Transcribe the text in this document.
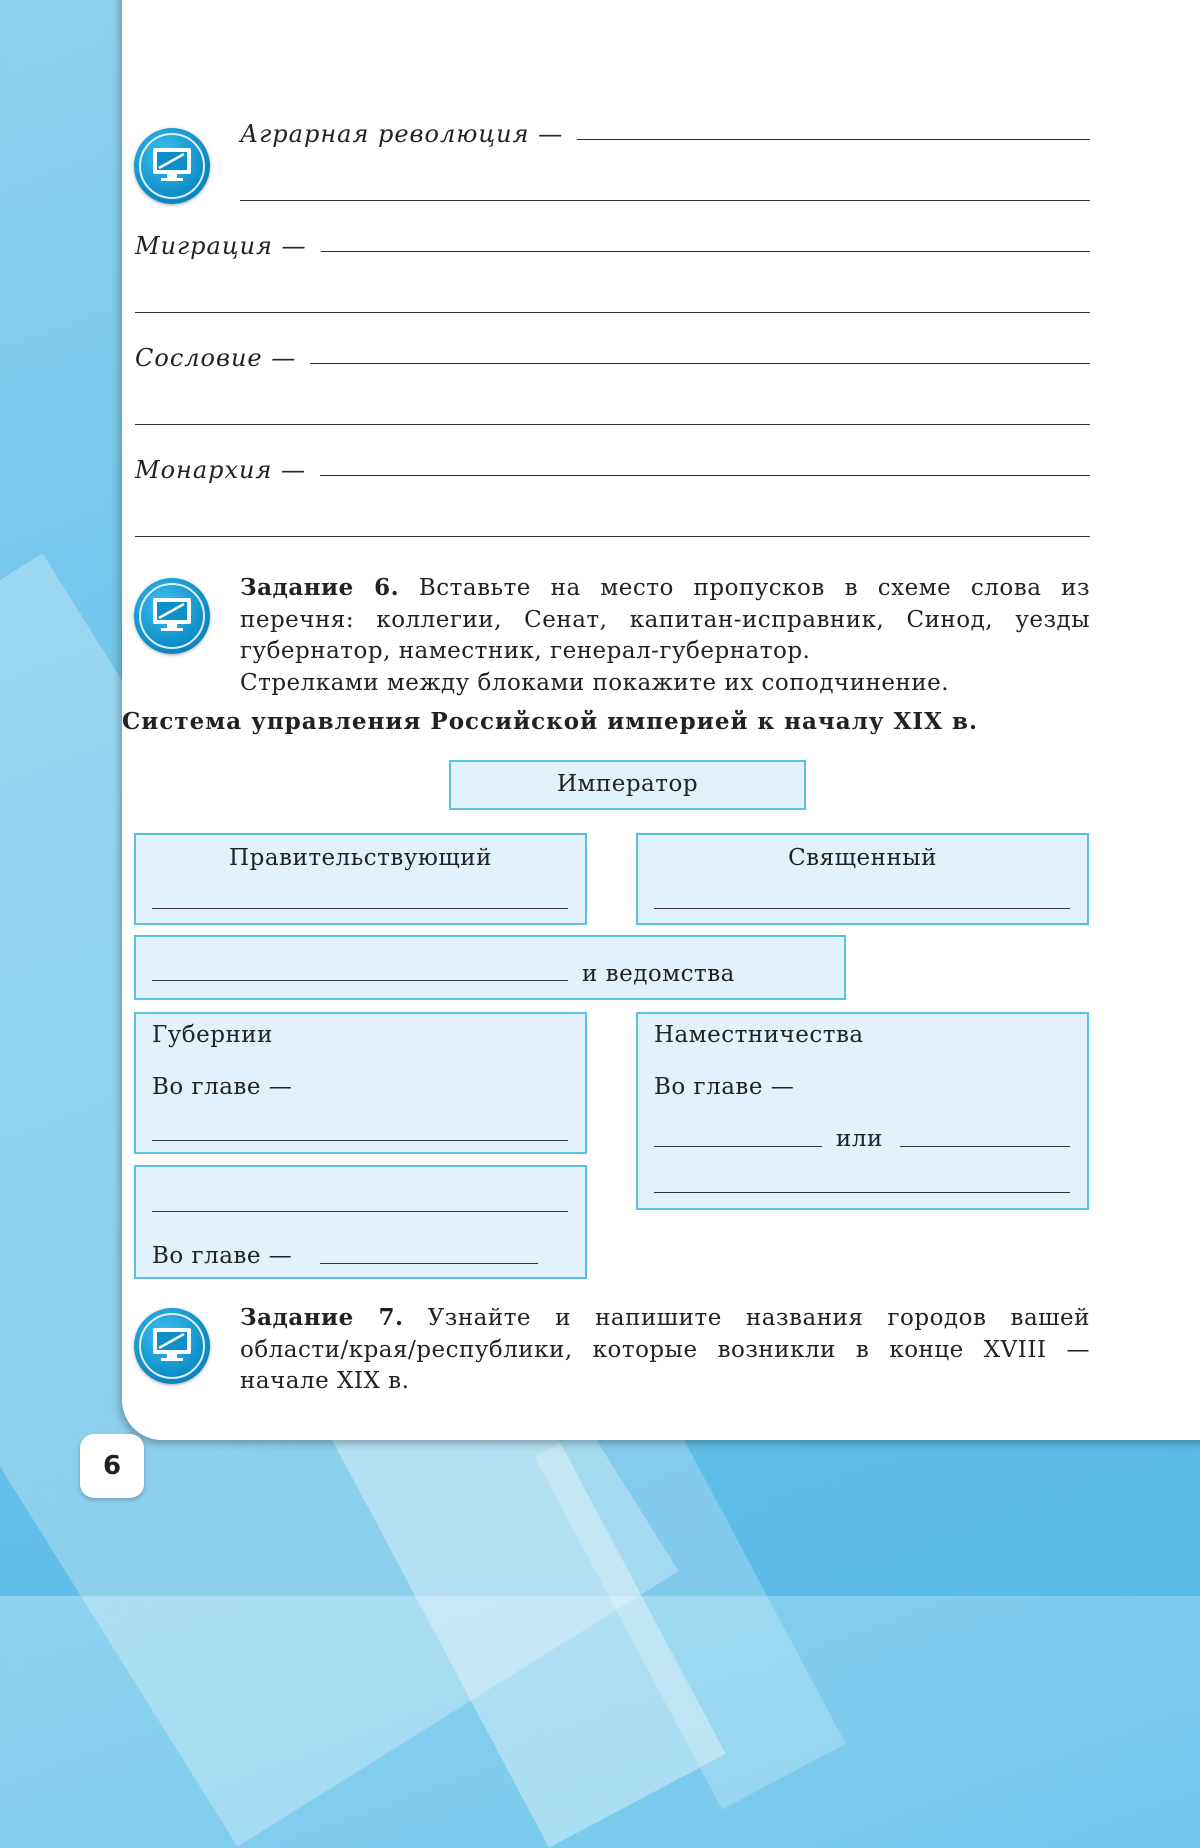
Аграрная революция —
Миграция —
Сословие —
Монархия —
Задание 6. Вставьте на место пропусков в схеме слова из перечня: коллегии, Сенат, капитан-исправник, Синод, уезды губернатор, наместник, генерал-губернатор.
Стрелками между блоками покажите их соподчинение.
Система управления Российской империей к началу XIX в.
Император
Правительствующий	Священный
и ведомства
Губернии
Во главе —
Наместничества
Во главе —
или
Во главе —
Задание 7. Узнайте и напишите названия городов вашей области/края/республики, которые возникли в конце XVIII — начале XIX в.
6
